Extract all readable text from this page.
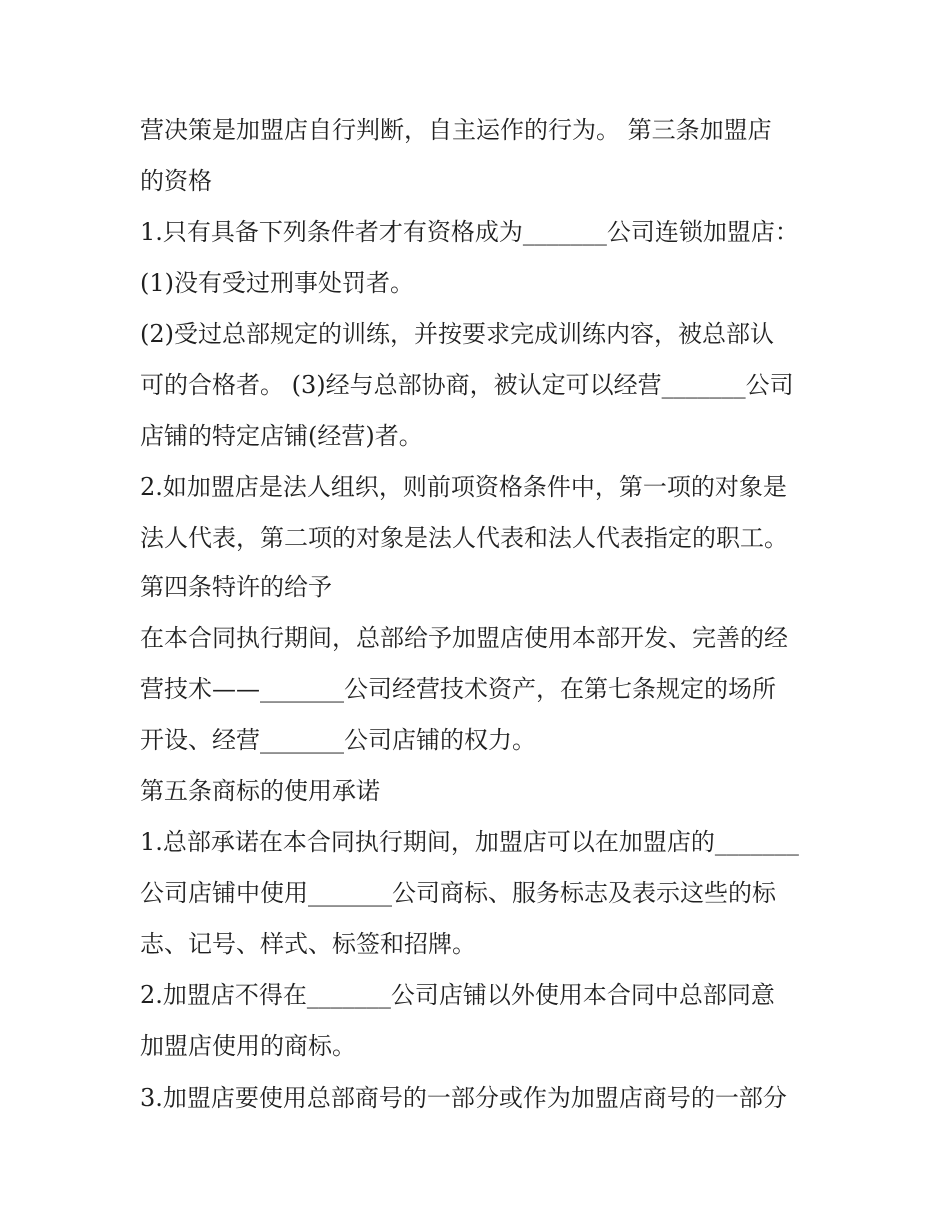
营决策是加盟店自行判断，自主运作的行为。 第三条加盟店
的资格
1.只有具备下列条件者才有资格成为_______公司连锁加盟店：
(1)没有受过刑事处罚者。
(2)受过总部规定的训练，并按要求完成训练内容，被总部认
可的合格者。 (3)经与总部协商，被认定可以经营_______公司
店铺的特定店铺(经营)者。
2.如加盟店是法人组织，则前项资格条件中，第一项的对象是
法人代表，第二项的对象是法人代表和法人代表指定的职工。
第四条特许的给予
在本合同执行期间，总部给予加盟店使用本部开发、完善的经
营技术——_______公司经营技术资产，在第七条规定的场所
开设、经营_______公司店铺的权力。
第五条商标的使用承诺
1.总部承诺在本合同执行期间，加盟店可以在加盟店的_______
公司店铺中使用_______公司商标、服务标志及表示这些的标
志、记号、样式、标签和招牌。
2.加盟店不得在_______公司店铺以外使用本合同中总部同意
加盟店使用的商标。
3.加盟店要使用总部商号的一部分或作为加盟店商号的一部分
